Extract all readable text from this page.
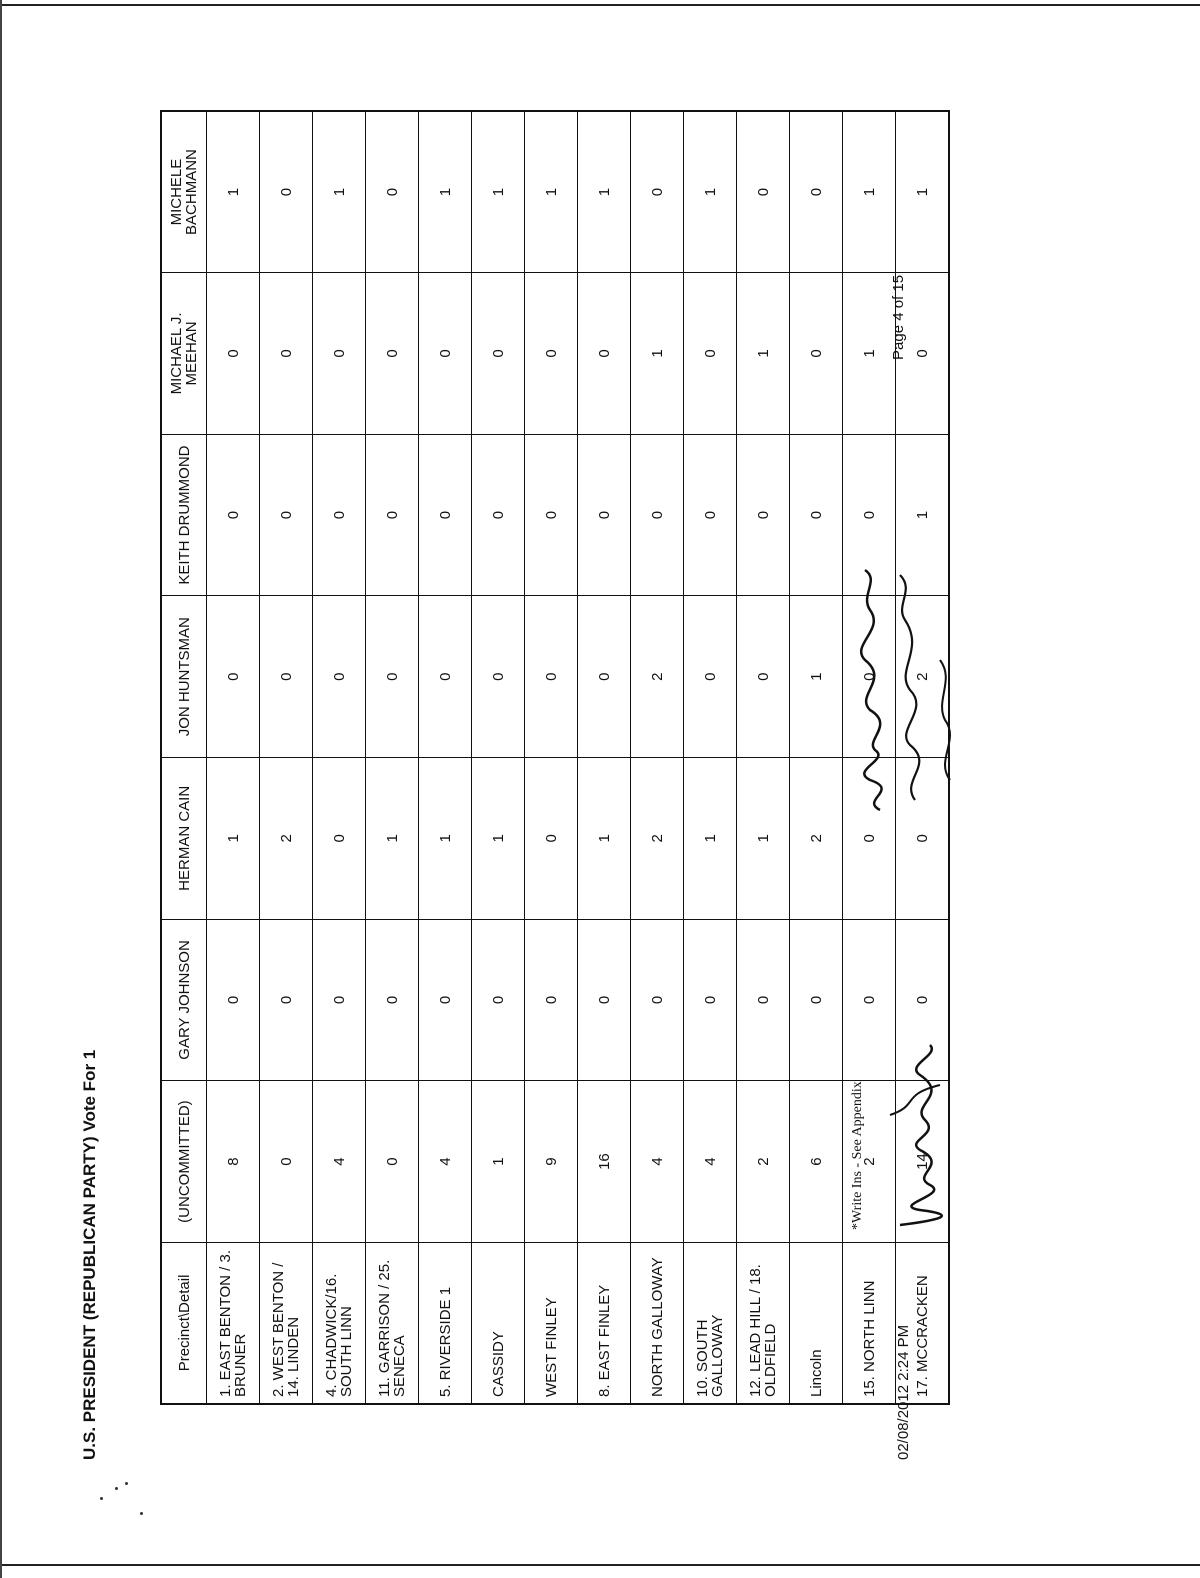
U.S. PRESIDENT (REPUBLICAN PARTY) Vote For 1	Precinct\Detail	(UNCOMMITTED)	GARY JOHNSON	HERMAN CAIN	JON HUNTSMAN	KEITH DRUMMOND	MICHAEL J. MEEHAN	MICHELE BACHMANN
1. EAST BENTON / 3. BRUNER	8	0	1	0	0	0	1
2. WEST BENTON / 14. LINDEN	0	0	2	0	0	0	0
4. CHADWICK/16. SOUTH LINN	4	0	0	0	0	0	1
11. GARRISON / 25. SENECA	0	0	1	0	0	0	0
5. RIVERSIDE 1	4	0	1	0	0	0	1
CASSIDY	1	0	1	0	0	0	1
WEST FINLEY	9	0	0	0	0	0	1
8. EAST FINLEY	16	0	1	0	0	0	1
NORTH GALLOWAY	4	0	2	2	0	1	0
10. SOUTH GALLOWAY	4	0	1	0	0	0	1
12. LEAD HILL / 18. OLDFIELD	2	0	1	0	0	1	0
Lincoln	6	0	2	1	0	0	0
15. NORTH LINN	2	0	0	0	0	1	1
17. MCCRACKEN	14	0	0	2	1	0	1
02/08/2012 2:24 PM
*Write Ins - See Appendix
Page 4 of 15
